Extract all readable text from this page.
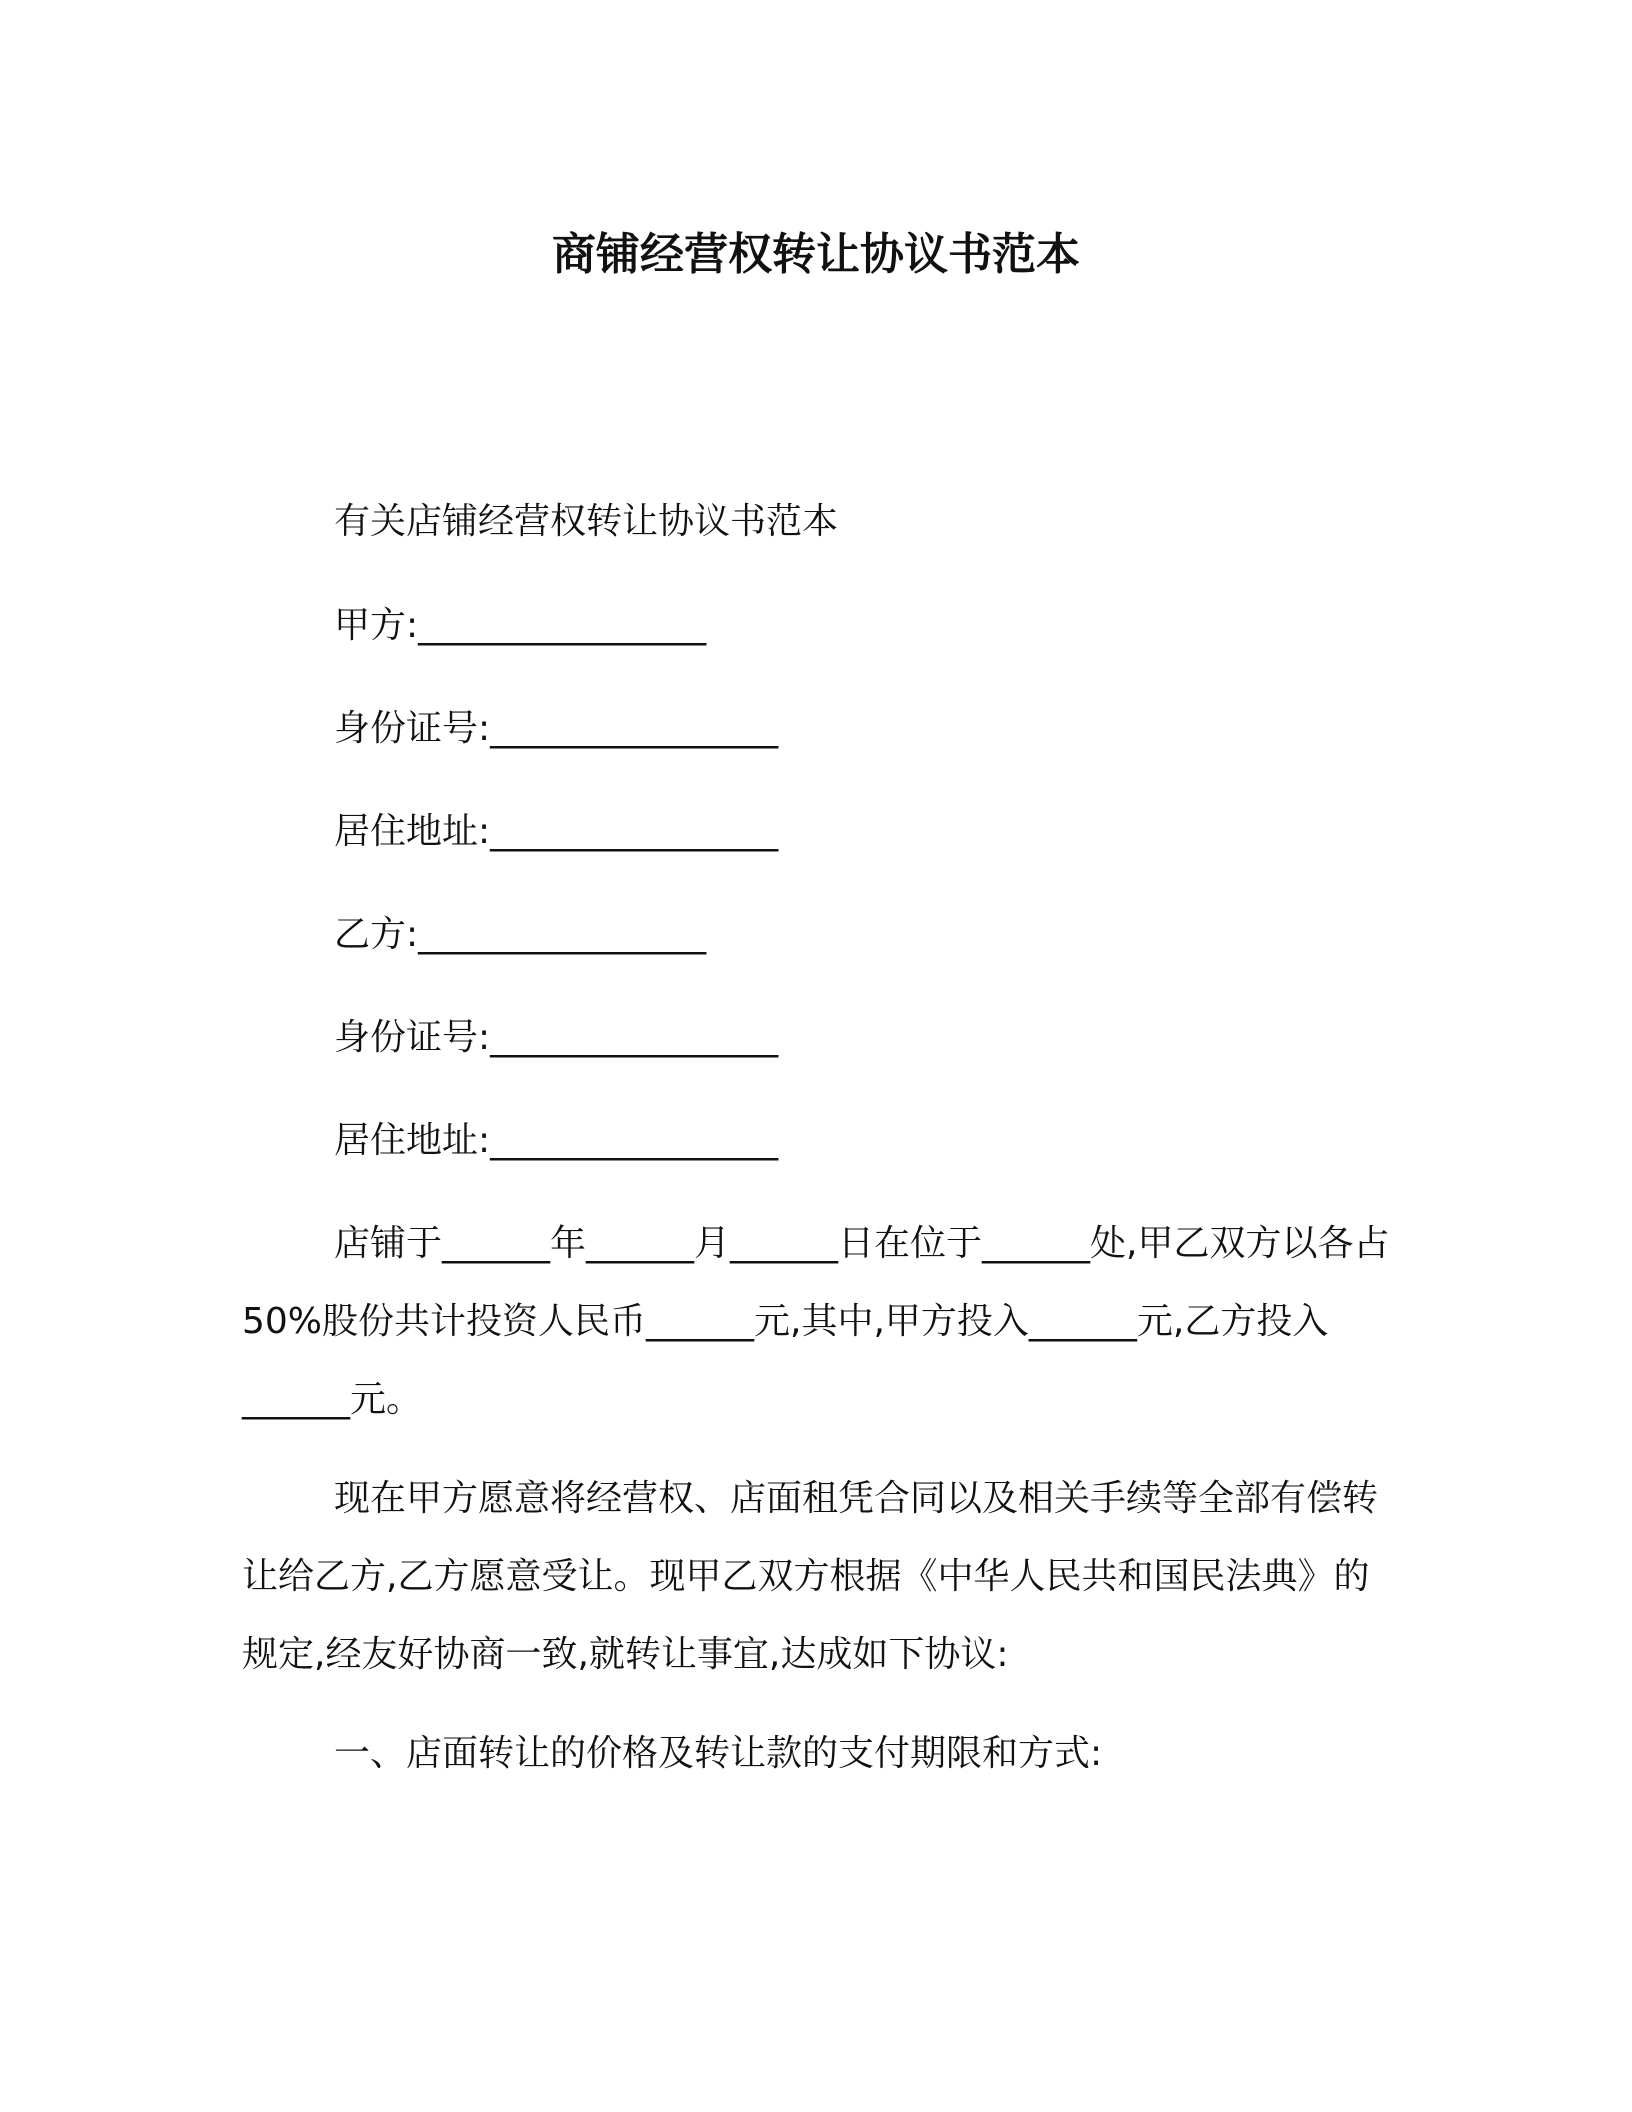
商铺经营权转让协议书范本
有关店铺经营权转让协议书范本
甲方:________________
身份证号:________________
居住地址:________________
乙方:________________
身份证号:________________
居住地址:________________

店铺于______年______月______日在位于______处,甲乙双方以各占 50%股份共计投资人民币______元,其中,甲方投入______元,乙方投入______元。

现在甲方愿意将经营权、店面租凭合同以及相关手续等全部有偿转让给乙方,乙方愿意受让。现甲乙双方根据《中华人民共和国民法典》的规定,经友好协商一致,就转让事宜,达成如下协议:

一、店面转让的价格及转让款的支付期限和方式:
